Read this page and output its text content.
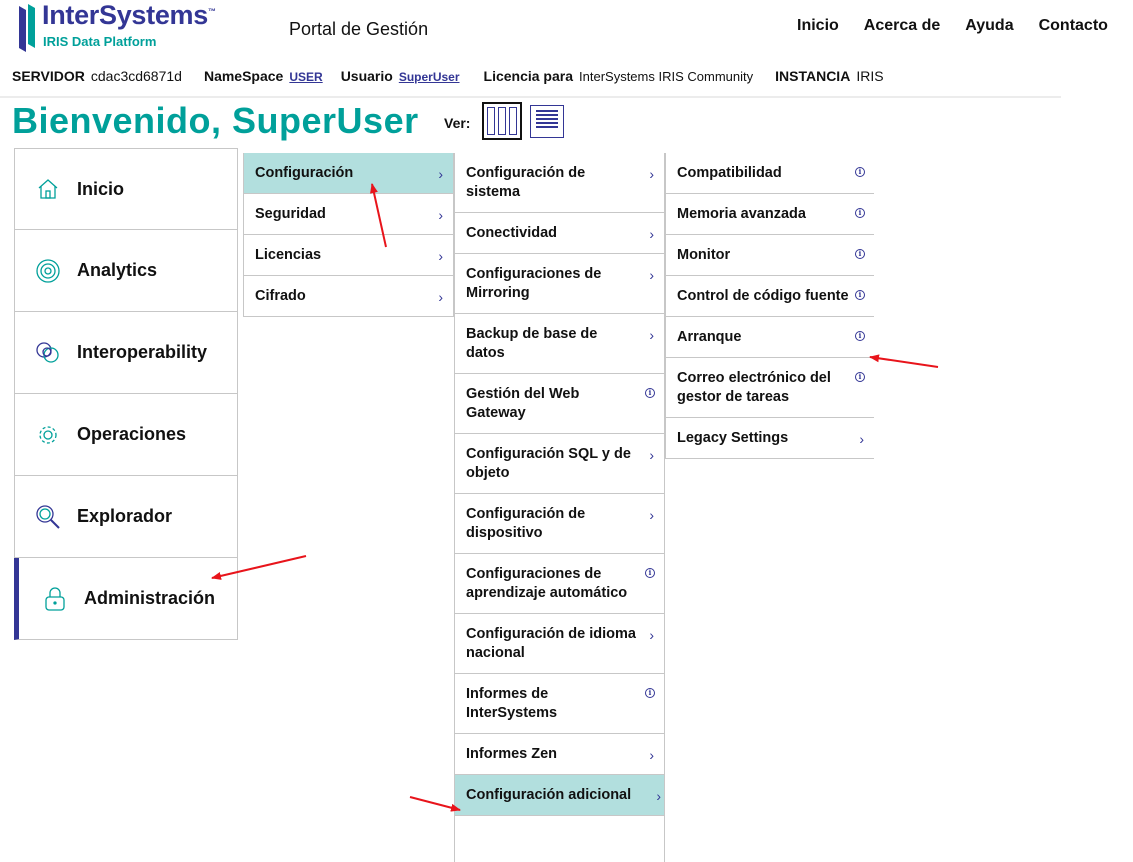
InterSystems™
IRIS Data Platform
Portal de Gestión	Inicio Acerca de Ayuda Contacto
SERVIDOR cdac3cd6871d NameSpace USER Usuario SuperUser Licencia para InterSystems IRIS Community INSTANCIA IRIS
Bienvenido, SuperUser Ver:
Inicio
Analytics
Interoperability
Operaciones
Explorador
Administración
Configuración	›
Seguridad	›
Licencias	›
Cifrado	›
Configuración de sistema
›
Conectividad	›
Configuraciones de Mirroring
›
Backup de base de datos
›
Gestión del Web Gateway
i
Configuración SQL y de objeto
›
Configuración de dispositivo
›
Configuraciones de aprendizaje automático
i
Configuración de idioma nacional
›
Informes de InterSystems
i
Informes Zen	›
Configuración adicional ›
Compatibilidad	i
Memoria avanzada	i
Monitor	i
Control de código fuente	i
Arranque	i
Correo electrónico del gestor de tareas
i
Legacy Settings	›
